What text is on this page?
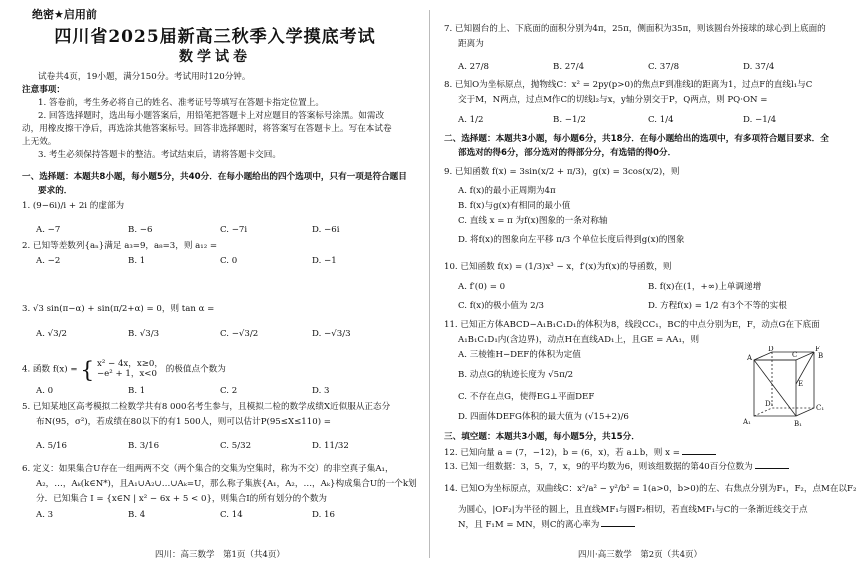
绝密★启用前
四川省2025届新高三秋季入学摸底考试
数学试卷
试卷共4页，19小题，满分150分。考试用时120分钟。
注意事项：
1. 答卷前，考生务必将自己的姓名、准考证号等填写在答题卡指定位置上。
2. 回答选择题时，选出每小题答案后，用铅笔把答题卡上对应题目的答案标号涂黑。如需改
动，用橡皮擦干净后，再选涂其他答案标号。回答非选择题时，将答案写在答题卡上。写在本试卷
上无效。
3. 考生必须保持答题卡的整洁。考试结束后，请将答题卡交回。
一、选择题：本题共8小题，每小题5分，共40分．在每小题给出的四个选项中，只有一项是符合题目
要求的．
1. (9−6i)/i + 2i 的虚部为
A. −7	B. −6	C. −7i	D. −6i
2. 已知等差数列{aₙ}满足 a₃=9，a₈=3，则 a₁₂ =
A. −2	B. 1	C. 0	D. −1
3. √3 sin(π−α) + sin(π/2+α) = 0，则 tan α =
A. √3/2	B. √3/3	C. −√3/2	D. −√3/3
4. 函数 f(x) = { x² − 4x，x≥0，
−e² + 1，x<0	的极值点个数为
A. 0	B. 1	C. 2	D. 3
5. 已知某地区高考模拟二检数学共有8 000名考生参与，且模拟二检的数学成绩X近似服从正态分
布N(95，σ²)，若成绩在80以下的有1 500人，则可以估计P(95≤X≤110) =
A. 5/16	B. 3/16	C. 5/32	D. 11/32
6. 定义：如果集合U存在一组两两不交（两个集合的交集为空集时，称为不交）的非空真子集A₁，
A₂，…，Aₖ(k∈N*)，且A₁∪A₂∪…∪Aₖ=U，那么称子集族{A₁，A₂，…，Aₖ}构成集合U的一个k划
分．已知集合 I = {x∈N | x² − 6x + 5 < 0}，则集合I的所有划分的个数为
A. 3	B. 4	C. 14	D. 16
四川：高三数学　第1页（共4页）
7. 已知圆台的上、下底面的面积分别为4π，25π，侧面积为35π，则该圆台外接球的球心到上底面的
距离为
A. 27/8	B. 27/4	C. 37/8	D. 37/4
8. 已知O为坐标原点，抛物线C：x² = 2py(p>0)的焦点F到准线l的距离为1，过点F的直线l₁与C
交于M，N两点，过点M作C的切线l₂与x，y轴分别交于P，Q两点，则 PQ·ON =
A. 1/2	B. −1/2	C. 1/4	D. −1/4
二、选择题：本题共3小题，每小题6分，共18分．在每小题给出的选项中，有多项符合题目要求．全
部选对的得6分，部分选对的得部分分，有选错的得0分．
9. 已知函数 f(x) = 3sin(x/2 + π/3)，g(x) = 3cos(x/2)，则
A. f(x)的最小正周期为4π
B. f(x)与g(x)有相同的最小值
C. 直线 x = π 为f(x)图象的一条对称轴
D. 将f(x)的图象向左平移 π/3 个单位长度后得到g(x)的图象
10. 已知函数 f(x) = (1/3)x³ − x，f′(x)为f(x)的导函数，则
A. f′(0) = 0	B. f(x)在(1，+∞)上单调递增
C. f(x)的极小值为 2/3	D. 方程f(x) = 1/2 有3个不等的实根
11. 已知正方体ABCD−A₁B₁C₁D₁的体积为8，线段CC₁，BC的中点分别为E，F，动点G在下底面
A₁B₁C₁D₁内(含边界)，动点H在直线AD₁上，且GE = AA₁，则
A. 三棱锥H−DEF的体积为定值
B. 动点G的轨迹长度为 √5π/2
C. 不存在点G，使得EG⊥平面DEF
D. 四面体DEFG体积的最大值为 (√15+2)/6
D
C
F
B
A
E
D₁	C₁
A₁	B₁
三、填空题：本题共3小题，每小题5分，共15分．
12. 已知向量 a = (7，−12)，b = (6，x)，若 a⊥b，则 x =
13. 已知一组数据：3，5，7，x，9的平均数为6，则该组数据的第40百分位数为
14. 已知O为坐标原点，双曲线C：x²/a² − y²/b² = 1(a>0，b>0)的左、右焦点分别为F₁，F₂，点M在以F₂
为圆心，|OF₂|为半径的圆上，且直线MF₁与圆F₂相切，若直线MF₁与C的一条渐近线交于点
N，且 F₁M = MN，则C的离心率为
四川·高三数学　第2页（共4页）
